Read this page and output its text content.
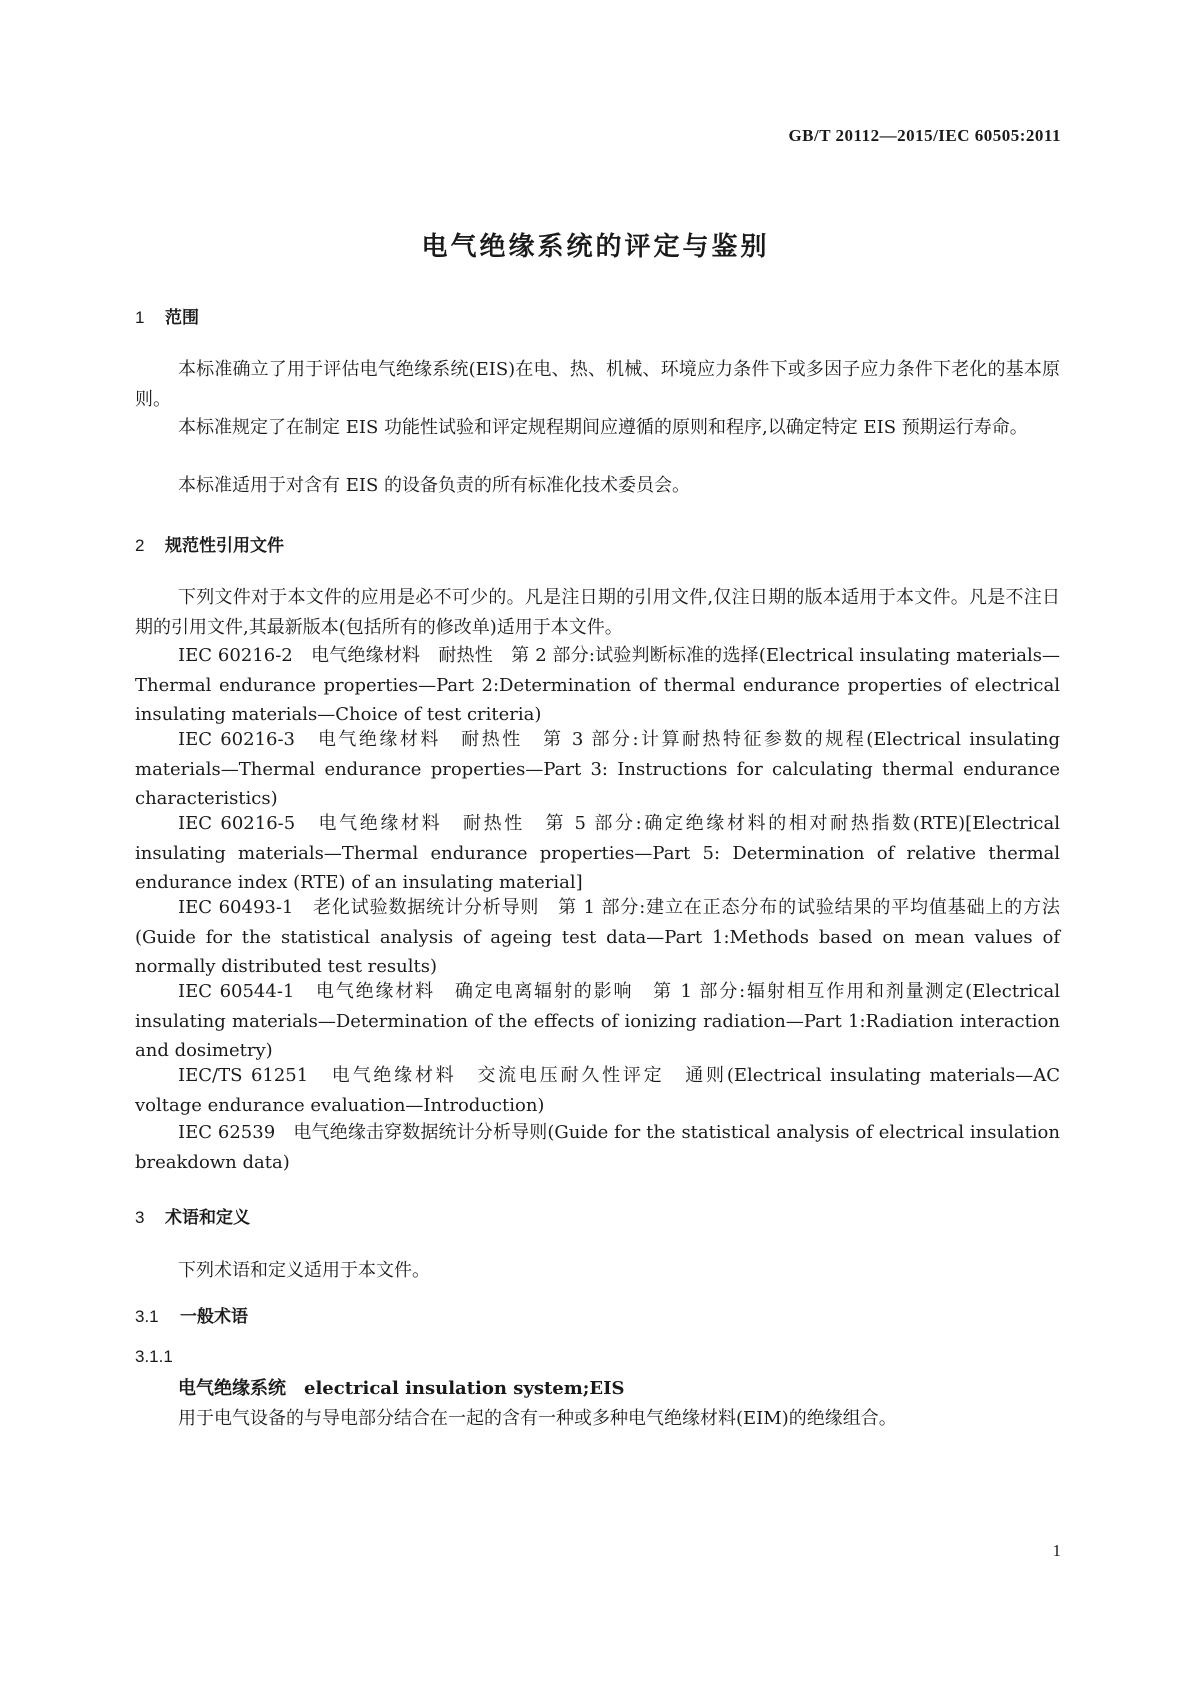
GB/T 20112—2015/IEC 60505:2011
电气绝缘系统的评定与鉴别
1 范围

本标准确立了用于评估电气绝缘系统(EIS)在电、热、机械、环境应力条件下或多因子应力条件下老化的基本原则。

本标准规定了在制定 EIS 功能性试验和评定规程期间应遵循的原则和程序,以确定特定 EIS 预期运行寿命。

本标准适用于对含有 EIS 的设备负责的所有标准化技术委员会。

2 规范性引用文件

下列文件对于本文件的应用是必不可少的。凡是注日期的引用文件,仅注日期的版本适用于本文件。凡是不注日期的引用文件,其最新版本(包括所有的修改单)适用于本文件。

IEC 60216-2　电气绝缘材料　耐热性　第 2 部分:试验判断标准的选择(Electrical insulating materials—Thermal endurance properties—Part 2:Determination of thermal endurance properties of electrical insulating materials—Choice of test criteria)

IEC 60216-3　电气绝缘材料　耐热性　第 3 部分:计算耐热特征参数的规程(Electrical insulating materials—Thermal endurance properties—Part 3: Instructions for calculating thermal endurance characteristics)

IEC 60216-5　电气绝缘材料　耐热性　第 5 部分:确定绝缘材料的相对耐热指数(RTE)[Electrical insulating materials—Thermal endurance properties—Part 5: Determination of relative thermal endurance index (RTE) of an insulating material]

IEC 60493-1　老化试验数据统计分析导则　第 1 部分:建立在正态分布的试验结果的平均值基础上的方法(Guide for the statistical analysis of ageing test data—Part 1:Methods based on mean values of normally distributed test results)

IEC 60544-1　电气绝缘材料　确定电离辐射的影响　第 1 部分:辐射相互作用和剂量测定(Electrical insulating materials—Determination of the effects of ionizing radiation—Part 1:Radiation interaction and dosimetry)

IEC/TS 61251　电气绝缘材料　交流电压耐久性评定　通则(Electrical insulating materials—AC voltage endurance evaluation—Introduction)

IEC 62539　电气绝缘击穿数据统计分析导则(Guide for the statistical analysis of electrical insulation breakdown data)

3 术语和定义

下列术语和定义适用于本文件。

3.1 一般术语
3.1.1
电气绝缘系统　electrical insulation system;EIS
用于电气设备的与导电部分结合在一起的含有一种或多种电气绝缘材料(EIM)的绝缘组合。
1
